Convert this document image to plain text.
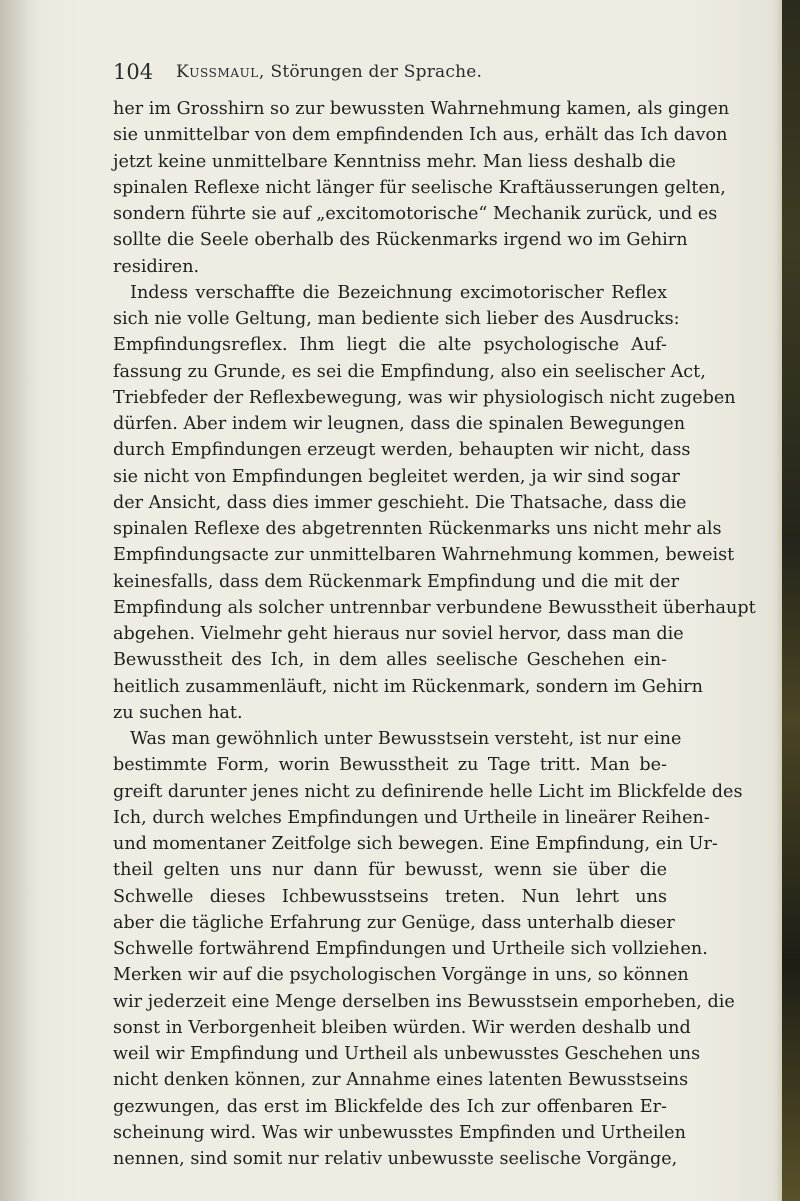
104 Kussmaul, Störungen der Sprache.
her im Grosshirn so zur bewussten Wahrnehmung kamen, als gingen
sie unmittelbar von dem empfindenden Ich aus, erhält das Ich davon
jetzt keine unmittelbare Kenntniss mehr. Man liess deshalb die
spinalen Reflexe nicht länger für seelische Kraftäusserungen gelten,
sondern führte sie auf „excitomotorische“ Mechanik zurück, und es
sollte die Seele oberhalb des Rückenmarks irgend wo im Gehirn
residiren.
Indess verschaffte die Bezeichnung excimotorischer Reflex
sich nie volle Geltung, man bediente sich lieber des Ausdrucks:
Empfindungsreflex. Ihm liegt die alte psychologische Auf-
fassung zu Grunde, es sei die Empfindung, also ein seelischer Act,
Triebfeder der Reflexbewegung, was wir physiologisch nicht zugeben
dürfen. Aber indem wir leugnen, dass die spinalen Bewegungen
durch Empfindungen erzeugt werden, behaupten wir nicht, dass
sie nicht von Empfindungen begleitet werden, ja wir sind sogar
der Ansicht, dass dies immer geschieht. Die Thatsache, dass die
spinalen Reflexe des abgetrennten Rückenmarks uns nicht mehr als
Empfindungsacte zur unmittelbaren Wahrnehmung kommen, beweist
keinesfalls, dass dem Rückenmark Empfindung und die mit der
Empfindung als solcher untrennbar verbundene Bewusstheit überhaupt
abgehen. Vielmehr geht hieraus nur soviel hervor, dass man die
Bewusstheit des Ich, in dem alles seelische Geschehen ein-
heitlich zusammenläuft, nicht im Rückenmark, sondern im Gehirn
zu suchen hat.
Was man gewöhnlich unter Bewusstsein versteht, ist nur eine
bestimmte Form, worin Bewusstheit zu Tage tritt. Man be-
greift darunter jenes nicht zu definirende helle Licht im Blickfelde des
Ich, durch welches Empfindungen und Urtheile in lineärer Reihen-
und momentaner Zeitfolge sich bewegen. Eine Empfindung, ein Ur-
theil gelten uns nur dann für bewusst, wenn sie über die
Schwelle dieses Ichbewusstseins treten. Nun lehrt uns
aber die tägliche Erfahrung zur Genüge, dass unterhalb dieser
Schwelle fortwährend Empfindungen und Urtheile sich vollziehen.
Merken wir auf die psychologischen Vorgänge in uns, so können
wir jederzeit eine Menge derselben ins Bewusstsein emporheben, die
sonst in Verborgenheit bleiben würden. Wir werden deshalb und
weil wir Empfindung und Urtheil als unbewusstes Geschehen uns
nicht denken können, zur Annahme eines latenten Bewusstseins
gezwungen, das erst im Blickfelde des Ich zur offenbaren Er-
scheinung wird. Was wir unbewusstes Empfinden und Urtheilen
nennen, sind somit nur relativ unbewusste seelische Vorgänge,
